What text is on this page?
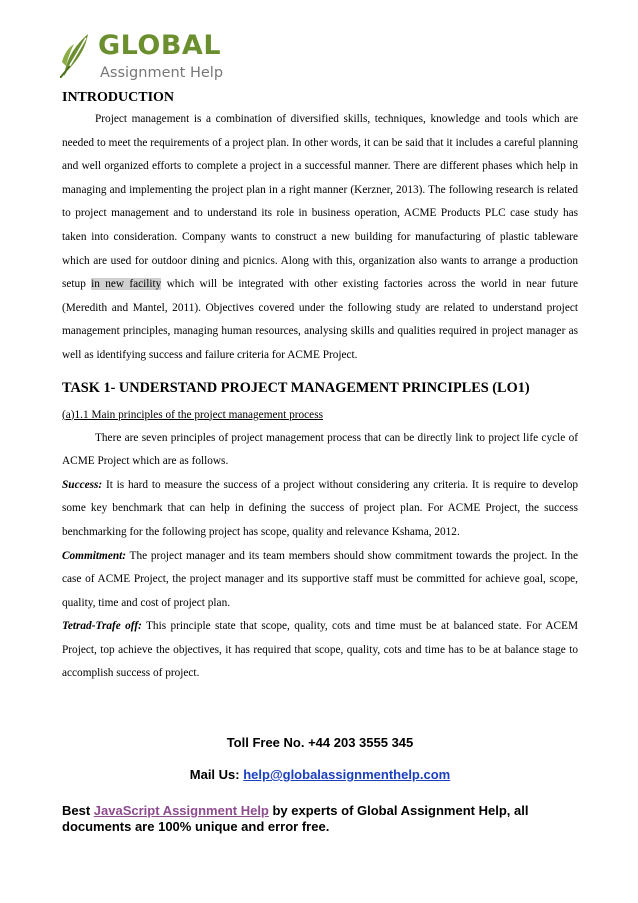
GLOBAL
Assignment Help
INTRODUCTION

Project management is a combination of diversified skills, techniques, knowledge and tools which are needed to meet the requirements of a project plan. In other words, it can be said that it includes a careful planning and well organized efforts to complete a project in a successful manner. There are different phases which help in managing and implementing the project plan in a right manner (Kerzner, 2013). The following research is related to project management and to understand its role in business operation, ACME Products PLC case study has taken into consideration. Company wants to construct a new building for manufacturing of plastic tableware which are used for outdoor dining and picnics. Along with this, organization also wants to arrange a production setup in new facility which will be integrated with other existing factories across the world in near future (Meredith and Mantel, 2011). Objectives covered under the following study are related to understand project management principles, managing human resources, analysing skills and qualities required in project manager as well as identifying success and failure criteria for ACME Project.

TASK 1- UNDERSTAND PROJECT MANAGEMENT PRINCIPLES (LO1)
(a)1.1 Main principles of the project management process

There are seven principles of project management process that can be directly link to project life cycle of ACME Project which are as follows.

Success: It is hard to measure the success of a project without considering any criteria. It is require to develop some key benchmark that can help in defining the success of project plan. For ACME Project, the success benchmarking for the following project has scope, quality and relevance Kshama, 2012.

Commitment: The project manager and its team members should show commitment towards the project. In the case of ACME Project, the project manager and its supportive staff must be committed for achieve goal, scope, quality, time and cost of project plan.

Tetrad-Trafe off: This principle state that scope, quality, cots and time must be at balanced state. For ACEM Project, top achieve the objectives, it has required that scope, quality, cots and time has to be at balance stage to accomplish success of project.

Toll Free No. +44 203 3555 345

Mail Us: help@globalassignmenthelp.com

Best JavaScript Assignment Help by experts of Global Assignment Help, all documents are 100% unique and error free.
